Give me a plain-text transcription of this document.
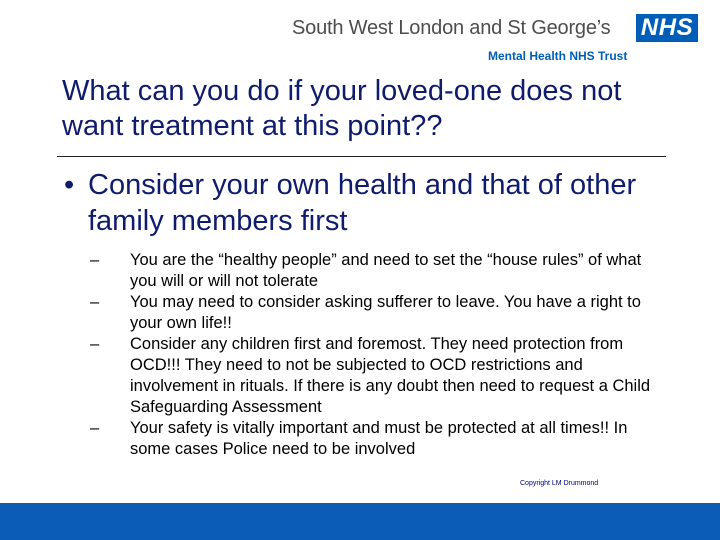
South West London and St George’s NHS
Mental Health NHS Trust
What can you do if your loved-one does not want treatment at this point??
• Consider your own health and that of other family members first
– You are the “healthy people” and need to set the “house rules” of what you will or will not tolerate
– You may need to consider asking sufferer to leave. You have a right to your own life!!
– Consider any children first and foremost. They need protection from OCD!!! They need to not be subjected to OCD restrictions and involvement in rituals. If there is any doubt then need to request a Child Safeguarding Assessment
– Your safety is vitally important and must be protected at all times!! In some cases Police need to be involved
Copyright LM Drummond
